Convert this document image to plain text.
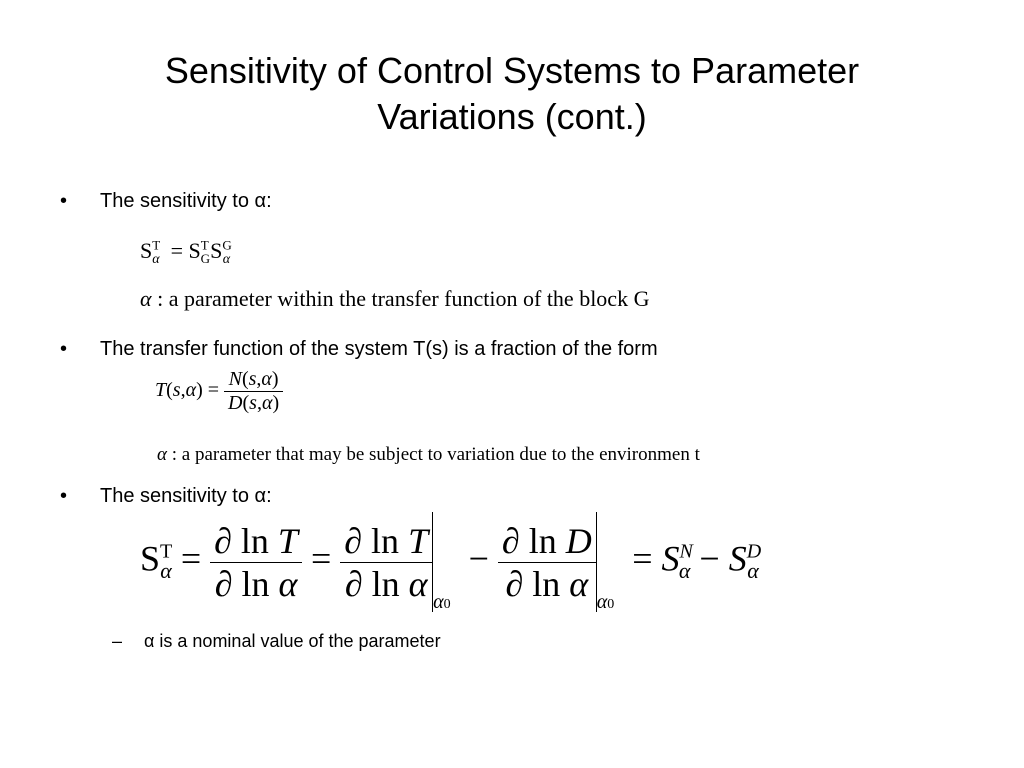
Sensitivity of Control Systems to Parameter
Variations (cont.)
• The sensitivity to α:
$S^T_\alpha = S^T_GS^G_\alpha$
α : a parameter within the transfer function of the block G
• The transfer function of the system T(s) is a fraction of the form
$T(s,\alpha) = \frac{N(s,\alpha)}{D(s,\alpha)}$
α : a parameter that may be subject to variation due to the environmen t
• The sensitivity to α:
$S^T_\alpha = \frac{\text{∂ ln T}}{\text{∂ ln α}} = \frac{\text{∂ ln T}}{\text{∂ ln α}} _{\alpha 0} - \frac{\text{∂ ln D}}{\text{∂ ln α}} _{\alpha 0} = S^N_\alpha - S^D_\alpha$
– α is a nominal value of the parameter
